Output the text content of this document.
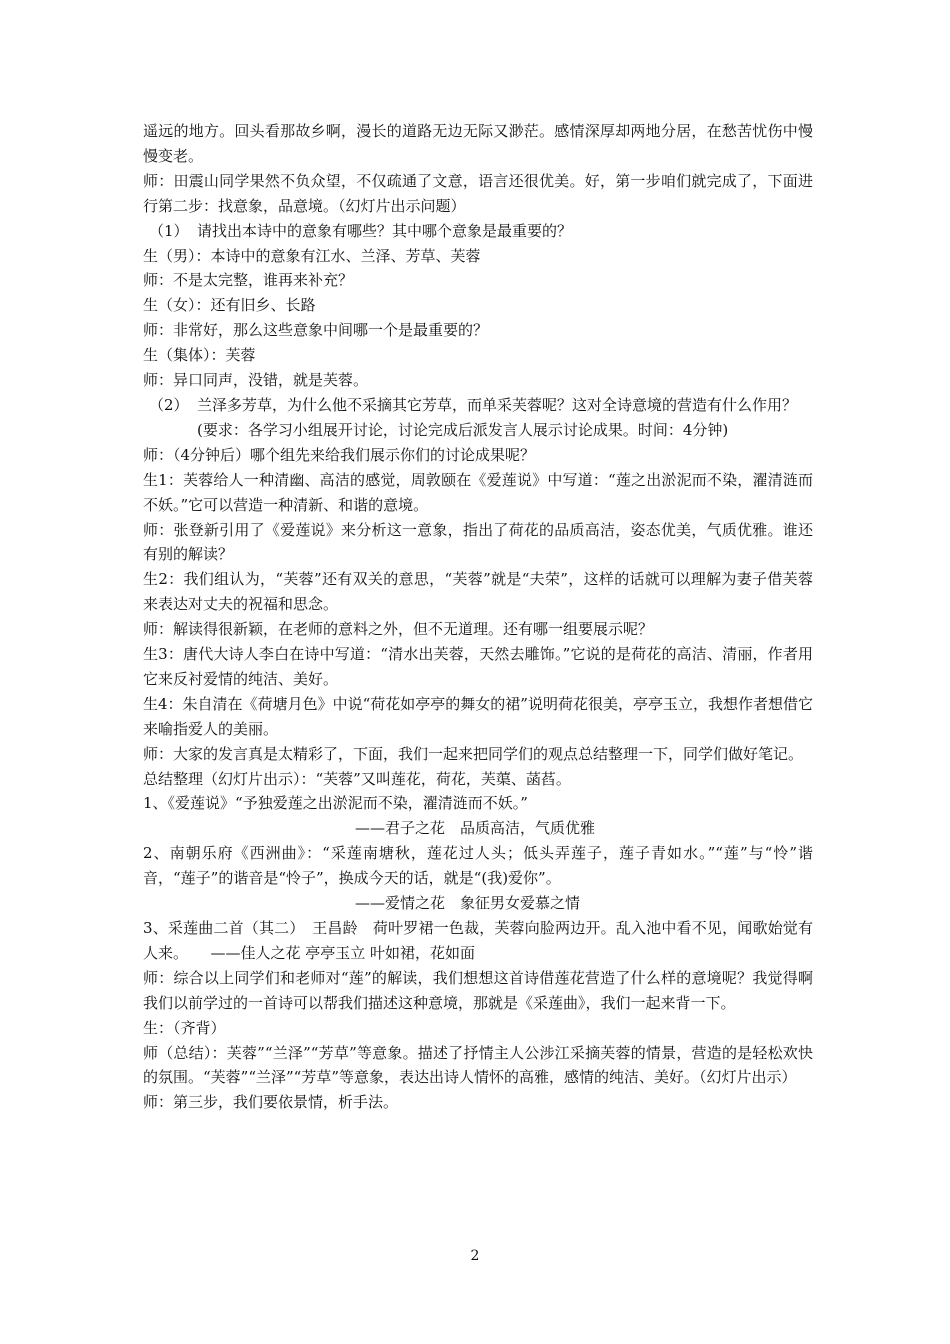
遥远的地方。回头看那故乡啊，漫长的道路无边无际又渺茫。感情深厚却两地分居，在愁苦忧伤中慢慢变老。

师：田震山同学果然不负众望，不仅疏通了文意，语言还很优美。好，第一步咱们就完成了，下面进行第二步：找意象，品意境。（幻灯片出示问题）

（1） 请找出本诗中的意象有哪些？其中哪个意象是最重要的？

生（男）：本诗中的意象有江水、兰泽、芳草、芙蓉

师：不是太完整，谁再来补充？

生（女）：还有旧乡、长路

师：非常好，那么这些意象中间哪一个是最重要的？

生（集体）：芙蓉

师：异口同声，没错，就是芙蓉。

（2） 兰泽多芳草，为什么他不采摘其它芳草，而单采芙蓉呢？这对全诗意境的营造有什么作用？(要求：各学习小组展开讨论，讨论完成后派发言人展示讨论成果。时间：4分钟)

师：（4分钟后）哪个组先来给我们展示你们的讨论成果呢？

生1：芙蓉给人一种清幽、高洁的感觉，周敦颐在《爱莲说》中写道：“莲之出淤泥而不染，濯清涟而不妖。”它可以营造一种清新、和谐的意境。

师：张登新引用了《爱莲说》来分析这一意象，指出了荷花的品质高洁，姿态优美，气质优雅。谁还有别的解读？

生2：我们组认为，“芙蓉”还有双关的意思，“芙蓉”就是“夫荣”，这样的话就可以理解为妻子借芙蓉来表达对丈夫的祝福和思念。

师：解读得很新颖，在老师的意料之外，但不无道理。还有哪一组要展示呢？

生3：唐代大诗人李白在诗中写道：“清水出芙蓉，天然去雕饰。”它说的是荷花的高洁、清丽，作者用它来反衬爱情的纯洁、美好。

生4：朱自清在《荷塘月色》中说“荷花如亭亭的舞女的裙”说明荷花很美，亭亭玉立，我想作者想借它来喻指爱人的美丽。

师：大家的发言真是太精彩了，下面，我们一起来把同学们的观点总结整理一下，同学们做好笔记。

总结整理（幻灯片出示）：“芙蓉”又叫莲花，荷花，芙蕖、菡萏。

1、《爱莲说》“予独爱莲之出淤泥而不染，濯清涟而不妖。”

——君子之花　品质高洁，气质优雅

2、南朝乐府《西洲曲》：“采莲南塘秋，莲花过人头；低头弄莲子，莲子青如水。”“莲”与“怜”谐音，“莲子”的谐音是“怜子”，换成今天的话，就是“(我)爱你”。

——爱情之花　象征男女爱慕之情

3、采莲曲二首（其二）　王昌龄　荷叶罗裙一色裁，芙蓉向脸两边开。乱入池中看不见，闻歌始觉有人来。　　——佳人之花 亭亭玉立 叶如裙，花如面

师：综合以上同学们和老师对“莲”的解读，我们想想这首诗借莲花营造了什么样的意境呢？我觉得啊我们以前学过的一首诗可以帮我们描述这种意境，那就是《采莲曲》，我们一起来背一下。

生：（齐背）

师（总结）：芙蓉”“兰泽”“芳草”等意象。描述了抒情主人公涉江采摘芙蓉的情景，营造的是轻松欢快的氛围。“芙蓉”“兰泽”“芳草”等意象，表达出诗人情怀的高雅，感情的纯洁、美好。（幻灯片出示）

师：第三步，我们要依景情，析手法。

2
